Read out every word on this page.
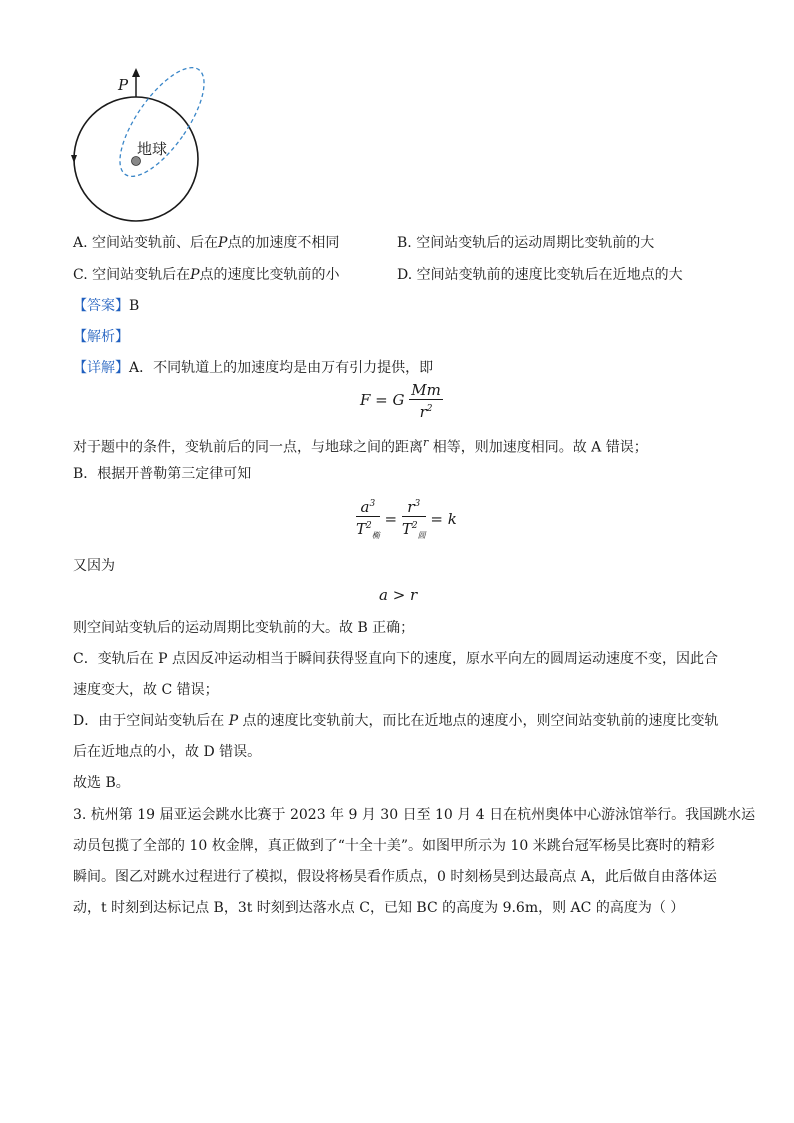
P
地球
A. 空间站变轨前、后在P点的加速度不相同	B. 空间站变轨后的运动周期比变轨前的大
C. 空间站变轨后在P点的速度比变轨前的小	D. 空间站变轨前的速度比变轨后在近地点的大
【答案】B
【解析】
【详解】A．不同轨道上的加速度均是由万有引力提供，即
F = G $\frac{Mm}{r^2}$
对于题中的条件，变轨前后的同一点，与地球之间的距离$^r$ 相等，则加速度相同。故 A 错误；
B．根据开普勒第三定律可知
$\frac{a^3}{T^2_椭} = \frac{r^3}{T^2_圆} = k$
又因为
a > r
则空间站变轨后的运动周期比变轨前的大。故 B 正确；
C．变轨后在 P 点因反冲运动相当于瞬间获得竖直向下的速度，原水平向左的圆周运动速度不变，因此合
速度变大，故 C 错误；
D．由于空间站变轨后在 P 点的速度比变轨前大，而比在近地点的速度小，则空间站变轨前的速度比变轨
后在近地点的小，故 D 错误。
故选 B。
3. 杭州第 19 届亚运会跳水比赛于 2023 年 9 月 30 日至 10 月 4 日在杭州奥体中心游泳馆举行。我国跳水运
动员包揽了全部的 10 枚金牌，真正做到了“十全十美”。如图甲所示为 10 米跳台冠军杨昊比赛时的精彩
瞬间。图乙对跳水过程进行了模拟，假设将杨昊看作质点，0 时刻杨昊到达最高点 A，此后做自由落体运
动，t 时刻到达标记点 B，3t 时刻到达落水点 C，已知 BC 的高度为 9.6m，则 AC 的高度为（ ）
